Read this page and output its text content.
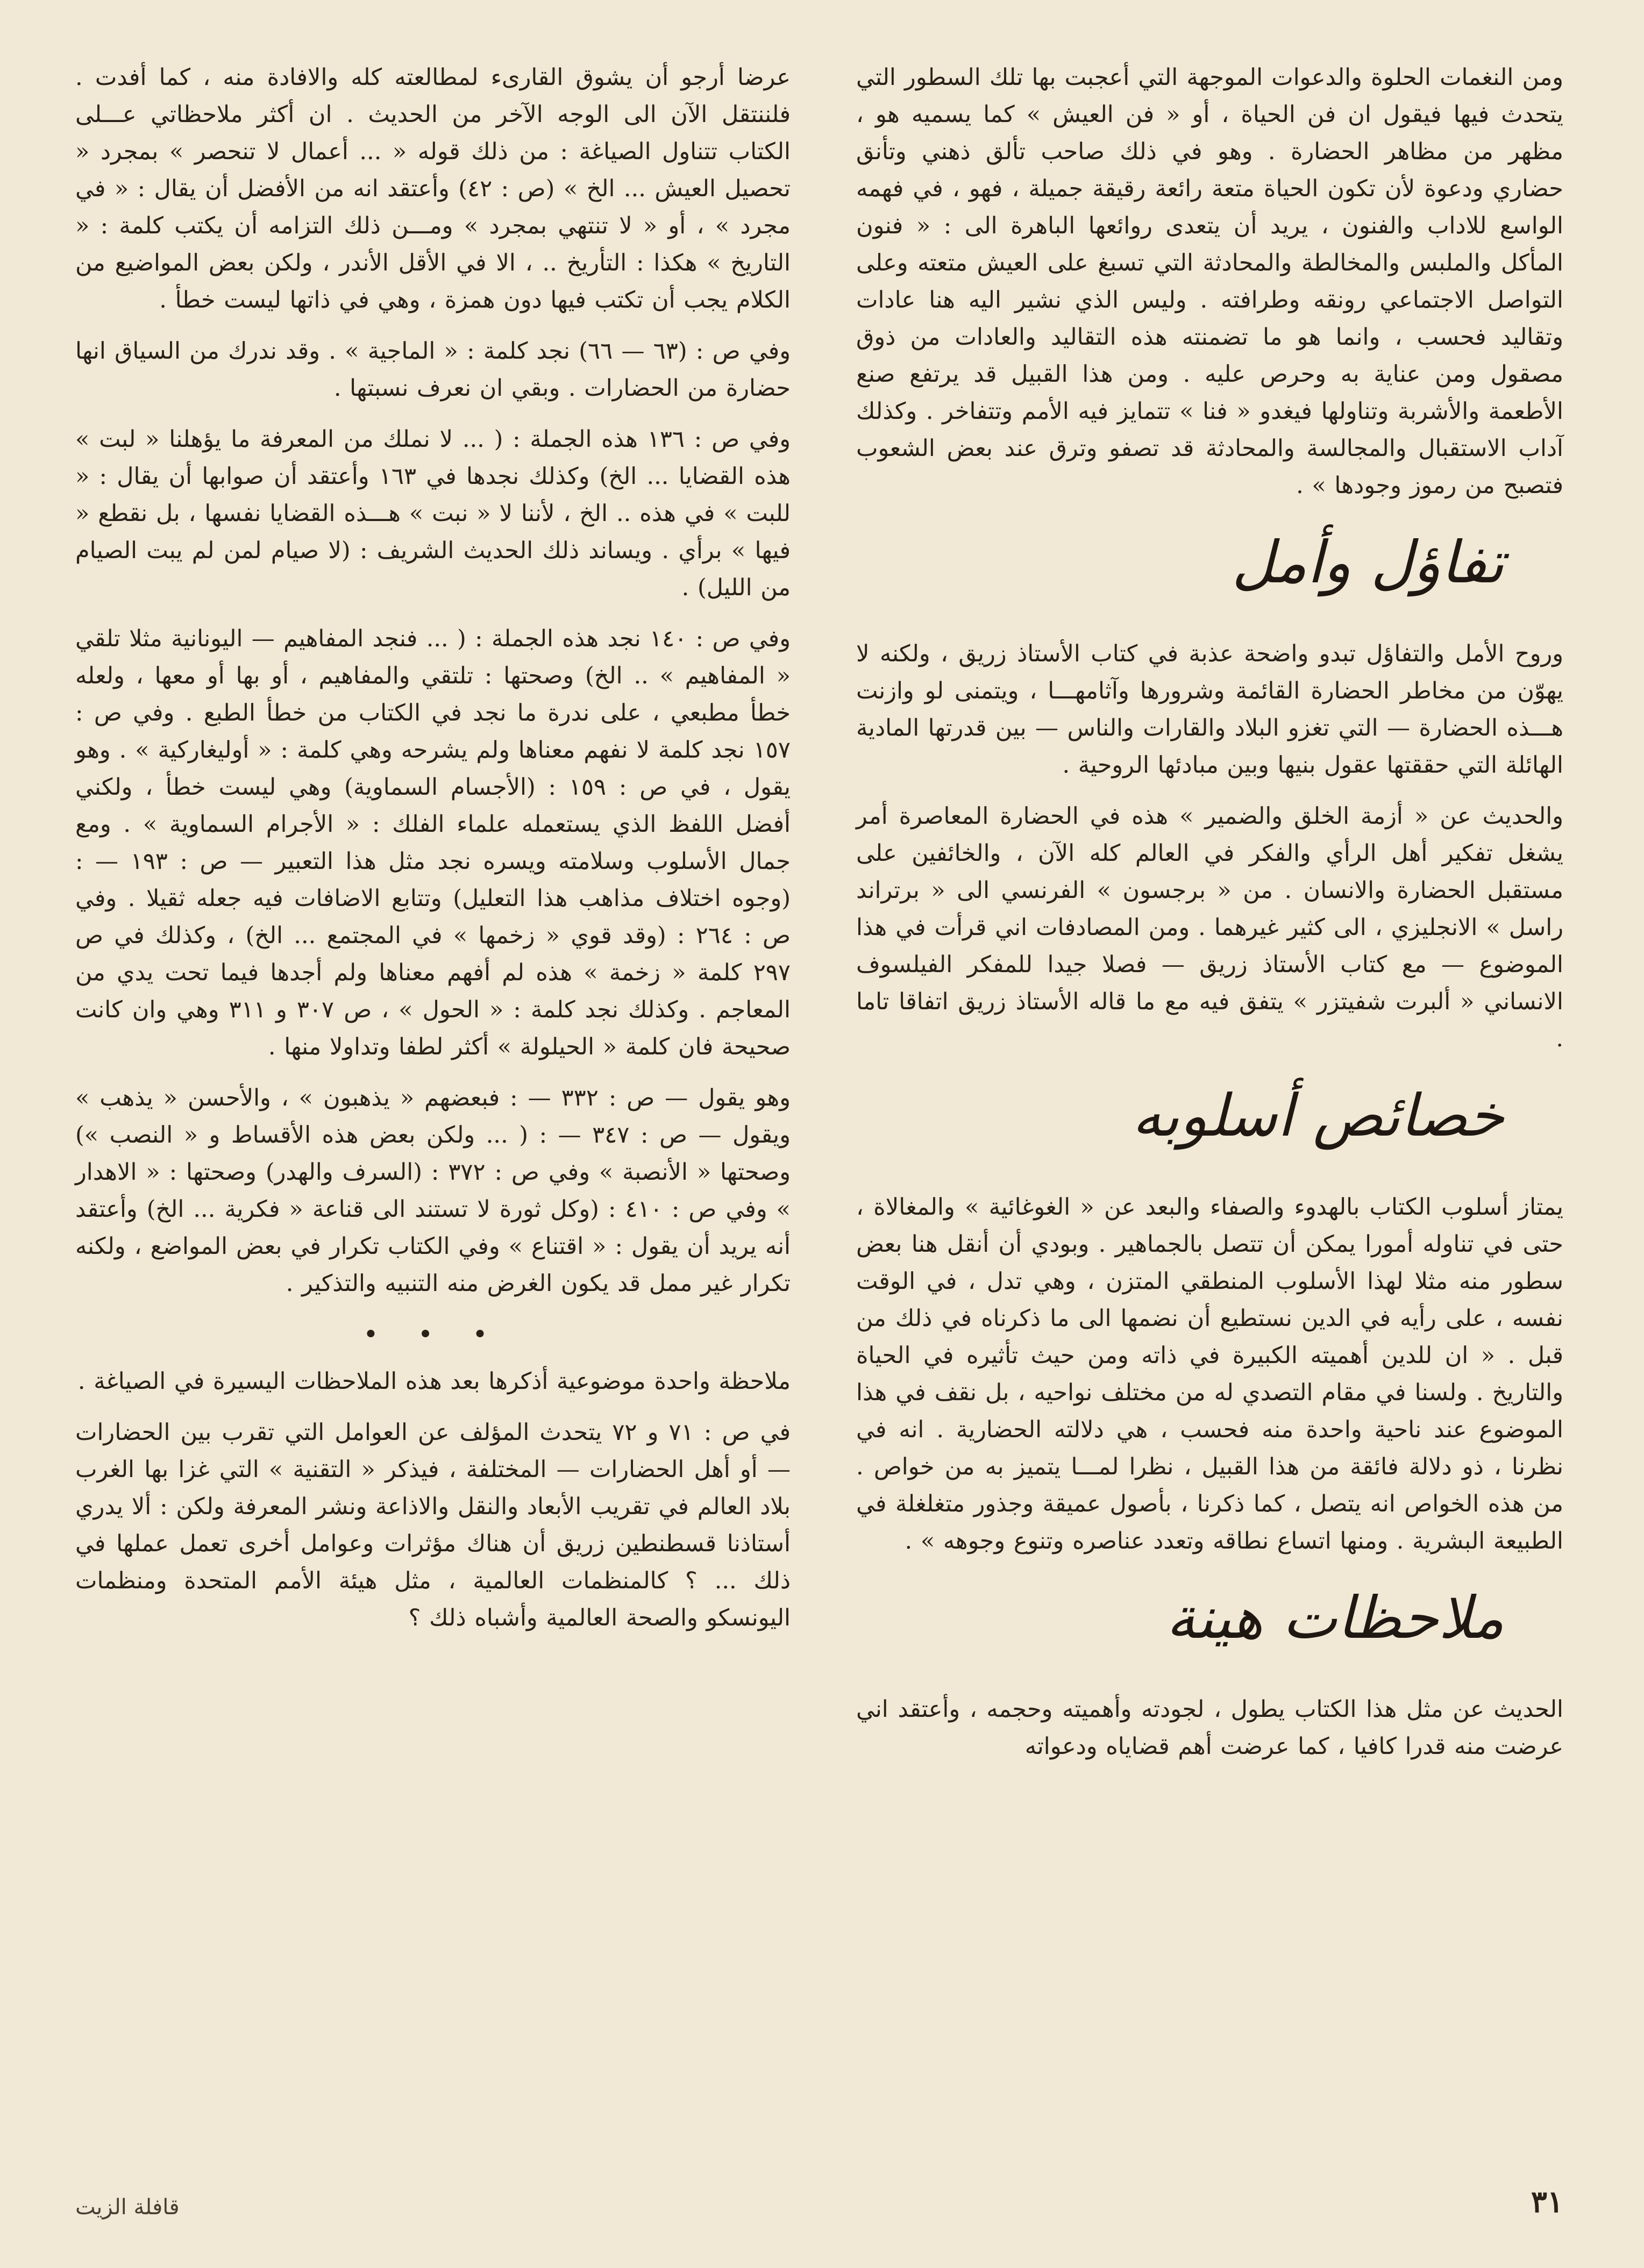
ومن النغمات الحلوة والدعوات الموجهة التي أعجبت بها تلك السطور التي يتحدث فيها فيقول ان فن الحياة ، أو « فن العيش » كما يسميه هو ، مظهر من مظاهر الحضارة . وهو في ذلك صاحب تألق ذهني وتأنق حضاري ودعوة لأن تكون الحياة متعة رائعة رقيقة جميلة ، فهو ، في فهمه الواسع للاداب والفنون ، يريد أن يتعدى روائعها الباهرة الى : « فنون المأكل والملبس والمخالطة والمحادثة التي تسبغ على العيش متعته وعلى التواصل الاجتماعي رونقه وطرافته . وليس الذي نشير اليه هنا عادات وتقاليد فحسب ، وانما هو ما تضمنته هذه التقاليد والعادات من ذوق مصقول ومن عناية به وحرص عليه . ومن هذا القبيل قد يرتفع صنع الأطعمة والأشربة وتناولها فيغدو « فنا » تتمايز فيه الأمم وتتفاخر . وكذلك آداب الاستقبال والمجالسة والمحادثة قد تصفو وترق عند بعض الشعوب فتصبح من رموز وجودها » .

تفاؤل وأمل

وروح الأمل والتفاؤل تبدو واضحة عذبة في كتاب الأستاذ زريق ، ولكنه لا يهوّن من مخاطر الحضارة القائمة وشرورها وآثامهـــا ، ويتمنى لو وازنت هـــذه الحضارة — التي تغزو البلاد والقارات والناس — بين قدرتها المادية الهائلة التي حققتها عقول بنيها وبين مبادئها الروحية .

والحديث عن « أزمة الخلق والضمير » هذه في الحضارة المعاصرة أمر يشغل تفكير أهل الرأي والفكر في العالم كله الآن ، والخائفين على مستقبل الحضارة والانسان . من « برجسون » الفرنسي الى « برتراند راسل » الانجليزي ، الى كثير غيرهما . ومن المصادفات اني قرأت في هذا الموضوع — مع كتاب الأستاذ زريق — فصلا جيدا للمفكر الفيلسوف الانساني « ألبرت شفيتزر » يتفق فيه مع ما قاله الأستاذ زريق اتفاقا تاما .

خصائص أسلوبه

يمتاز أسلوب الكتاب بالهدوء والصفاء والبعد عن « الغوغائية » والمغالاة ، حتى في تناوله أمورا يمكن أن تتصل بالجماهير . وبودي أن أنقل هنا بعض سطور منه مثلا لهذا الأسلوب المنطقي المتزن ، وهي تدل ، في الوقت نفسه ، على رأيه في الدين نستطيع أن نضمها الى ما ذكرناه في ذلك من قبل . « ان للدين أهميته الكبيرة في ذاته ومن حيث تأثيره في الحياة والتاريخ . ولسنا في مقام التصدي له من مختلف نواحيه ، بل نقف في هذا الموضوع عند ناحية واحدة منه فحسب ، هي دلالته الحضارية . انه في نظرنا ، ذو دلالة فائقة من هذا القبيل ، نظرا لمـــا يتميز به من خواص . من هذه الخواص انه يتصل ، كما ذكرنا ، بأصول عميقة وجذور متغلغلة في الطبيعة البشرية . ومنها اتساع نطاقه وتعدد عناصره وتنوع وجوهه » .

ملاحظات هينة

الحديث عن مثل هذا الكتاب يطول ، لجودته وأهميته وحجمه ، وأعتقد اني عرضت منه قدرا كافيا ، كما عرضت أهم قضاياه ودعواته

عرضا أرجو أن يشوق القارىء لمطالعته كله والافادة منه ، كما أفدت . فلننتقل الآن الى الوجه الآخر من الحديث . ان أكثر ملاحظاتي عـــلى الكتاب تتناول الصياغة : من ذلك قوله « ... أعمال لا تنحصر » بمجرد « تحصيل العيش ... الخ » (ص : ٤٢) وأعتقد انه من الأفضل أن يقال : « في مجرد » ، أو « لا تنتهي بمجرد » ومـــن ذلك التزامه أن يكتب كلمة : « التاريخ » هكذا : التأريخ .. ، الا في الأقل الأندر ، ولكن بعض المواضيع من الكلام يجب أن تكتب فيها دون همزة ، وهي في ذاتها ليست خطأ .

وفي ص : (٦٣ — ٦٦) نجد كلمة : « الماجية » . وقد ندرك من السياق انها حضارة من الحضارات . وبقي ان نعرف نسبتها .

وفي ص : ١٣٦ هذه الجملة : ( ... لا نملك من المعرفة ما يؤهلنا « لبت » هذه القضايا ... الخ) وكذلك نجدها في ١٦٣ وأعتقد أن صوابها أن يقال : « للبت » في هذه .. الخ ، لأننا لا « نبت » هـــذه القضايا نفسها ، بل نقطع « فيها » برأي . ويساند ذلك الحديث الشريف : (لا صيام لمن لم يبت الصيام من الليل) .

وفي ص : ١٤٠ نجد هذه الجملة : ( ... فنجد المفاهيم — اليونانية مثلا تلقي « المفاهيم » .. الخ) وصحتها : تلتقي والمفاهيم ، أو بها أو معها ، ولعله خطأ مطبعي ، على ندرة ما نجد في الكتاب من خطأ الطبع . وفي ص : ١٥٧ نجد كلمة لا نفهم معناها ولم يشرحه وهي كلمة : « أوليغاركية » . وهو يقول ، في ص : ١٥٩ : (الأجسام السماوية) وهي ليست خطأ ، ولكني أفضل اللفظ الذي يستعمله علماء الفلك : « الأجرام السماوية » . ومع جمال الأسلوب وسلامته ويسره نجد مثل هذا التعبير — ص : ١٩٣ — : (وجوه اختلاف مذاهب هذا التعليل) وتتابع الاضافات فيه جعله ثقيلا . وفي ص : ٢٦٤ : (وقد قوي « زخمها » في المجتمع ... الخ) ، وكذلك في ص ٢٩٧ كلمة « زخمة » هذه لم أفهم معناها ولم أجدها فيما تحت يدي من المعاجم . وكذلك نجد كلمة : « الحول » ، ص ٣٠٧ و ٣١١ وهي وان كانت صحيحة فان كلمة « الحيلولة » أكثر لطفا وتداولا منها .

وهو يقول — ص : ٣٣٢ — : فبعضهم « يذهبون » ، والأحسن « يذهب » ويقول — ص : ٣٤٧ — : ( ... ولكن بعض هذه الأقساط و « النصب ») وصحتها « الأنصبة » وفي ص : ٣٧٢ : (السرف والهدر) وصحتها : « الاهدار » وفي ص : ٤١٠ : (وكل ثورة لا تستند الى قناعة « فكرية ... الخ) وأعتقد أنه يريد أن يقول : « اقتناع » وفي الكتاب تكرار في بعض المواضع ، ولكنه تكرار غير ممل قد يكون الغرض منه التنبيه والتذكير .

• • •

ملاحظة واحدة موضوعية أذكرها بعد هذه الملاحظات اليسيرة في الصياغة .

في ص : ٧١ و ٧٢ يتحدث المؤلف عن العوامل التي تقرب بين الحضارات — أو أهل الحضارات — المختلفة ، فيذكر « التقنية » التي غزا بها الغرب بلاد العالم في تقريب الأبعاد والنقل والاذاعة ونشر المعرفة ولكن : ألا يدري أستاذنا قسطنطين زريق أن هناك مؤثرات وعوامل أخرى تعمل عملها في ذلك ... ؟ كالمنظمات العالمية ، مثل هيئة الأمم المتحدة ومنظمات اليونسكو والصحة العالمية وأشباه ذلك ؟

٣١
قافلة الزيت
